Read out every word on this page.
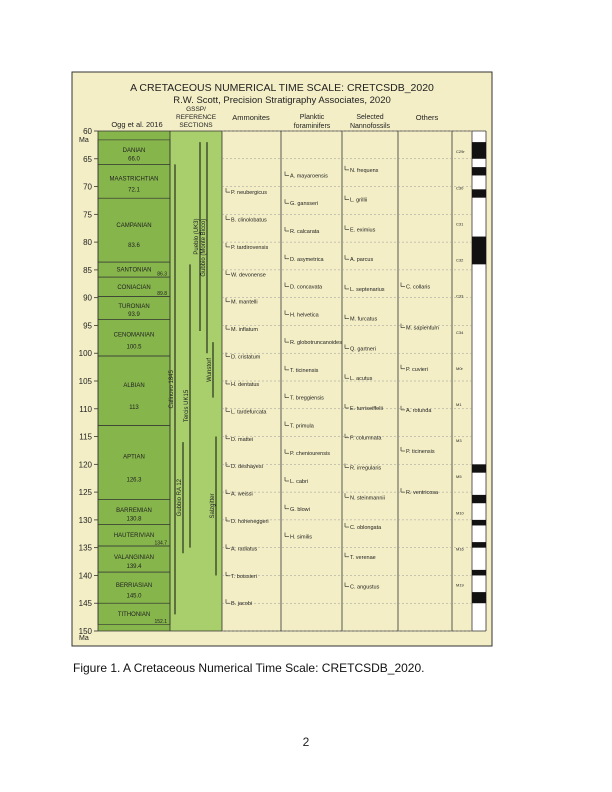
A CRETACEOUS NUMERICAL TIME SCALE: CRETCSDB_2020
R.W. Scott, Precision Stratigraphy Associates, 2020
Ogg et al. 2016
GSSP/
REFERENCE
SECTIONS
Ammonites	Planktic
foraminifers
Selected
Nannofossils
Others
Ma
Ma
60
65
70
75
80
85
90
95
100
105
110
115
120
125
130
135
140
145
150
DANIAN
66.0
MAASTRICHTIAN
72.1
CAMPANIAN
83.6
SANTONIAN
86.3
CONIACIAN
89.8
TURONIAN
93.9
CENOMANIAN
100.5
ALBIAN
113
APTIAN
126.3
BARREMIAN
130.8
HAUTERIVIAN
134.7
VALANGINIAN
139.4
BERRIASIAN
145.0
TITHONIAN
152.1
Calinovo 1845
Gubbio RA 12
Tercis UK15
Pueblo (UK3) Gubbio (Monte Bicco)
Wunstorf
Salzgitter
P. neubergicus
B. clinolobatus
P. tardirovensis
W. devonense
M. mantelli
M. inflatum
D. cristatum
H. dentatus
L. tardefurcata
D. mattei
D. deshayesi
A. weissi
D. hoheneggeri
A. radiatus
T. boissieri
B. jacobi
A. mayaroensis
G. gansseri
R. calcarata
D. asymetrica
D. concavata
H. helvetica
R. globotruncanoides
T. ticinensis
T. breggiensis
T. primula
P. cheniourensis
L. cabri
G. blowi
H. similis
N. frequens
L. grillii
E. eximius
A. parcus
L. septenarius
M. furcatus
Q. gartneri
L. acutus
E. turriseiffelii
P. columnata
R. irregularis
N. steinmannii
C. oblongata
T. verenae
C. angustus
C. collaris
M. sapientum
P. cuvieri
A. rotunda
P. ticinensis
R. ventricosa
C29r
C30
C31
C32
C33
C34
M0r
M1
M3
M5
M10
M16
M19
Figure 1. A Cretaceous Numerical Time Scale: CRETCSDB_2020.
2
